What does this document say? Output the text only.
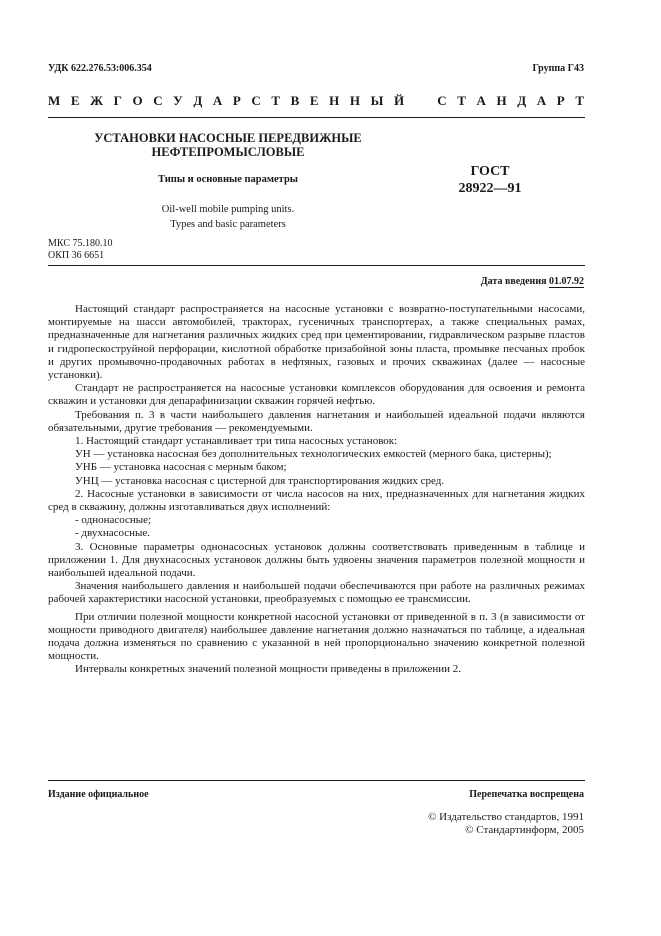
УДК 622.276.53:006.354	Группа Г43
М Е Ж Г О С У Д А Р С Т В Е Н Н Ы Й	С Т А Н Д А Р Т
УСТАНОВКИ НАСОСНЫЕ ПЕРЕДВИЖНЫЕ
НЕФТЕПРОМЫСЛОВЫЕ
Типы и основные параметры
Oil-well mobile pumping units.
Types and basic parameters
ГОСТ
28922—91
МКС 75.180.10
ОКП 36 6651
Дата введения 01.07.92

Настоящий стандарт распространяется на насосные установки с возвратно-поступательными насосами, монтируемые на шасси автомобилей, тракторах, гусеничных транспортерах, а также специальных рамах, предназначенные для нагнетания различных жидких сред при цементировании, гидравлическом разрыве пластов и гидропескоструйной перфорации, кислотной обработке призабойной зоны пласта, промывке песчаных пробок и других промывочно-продавочных работах в нефтяных, газовых и прочих скважинах (далее — насосные установки).

Стандарт не распространяется на насосные установки комплексов оборудования для освоения и ремонта скважин и установки для депарафинизации скважин горячей нефтью.

Требования п. 3 в части наибольшего давления нагнетания и наибольшей идеальной подачи являются обязательными, другие требования — рекомендуемыми.

1. Настоящий стандарт устанавливает три типа насосных установок:

УН — установка насосная без дополнительных технологических емкостей (мерного бака, цистерны);

УНБ — установка насосная с мерным баком;

УНЦ — установка насосная с цистерной для транспортирования жидких сред.

2. Насосные установки в зависимости от числа насосов на них, предназначенных для нагнетания жидких сред в скважину, должны изготавливаться двух исполнений:

- однонасосные;

- двухнасосные.

3. Основные параметры однонасосных установок должны соответствовать приведенным в таблице и приложении 1. Для двухнасосных установок должны быть удвоены значения параметров полезной мощности и наибольшей идеальной подачи.

Значения наибольшего давления и наибольшей подачи обеспечиваются при работе на различных режимах рабочей характеристики насосной установки, преобразуемых с помощью ее трансмиссии.

При отличии полезной мощности конкретной насосной установки от приведенной в п. 3 (в зависимости от мощности приводного двигателя) наибольшее давление нагнетания должно назначаться по таблице, а идеальная подача должна изменяться по сравнению с указанной в ней пропорционально значению конкретной полезной мощности.

Интервалы конкретных значений полезной мощности приведены в приложении 2.

Издание официальное	Перепечатка воспрещена
© Издательство стандартов, 1991
© Стандартинформ, 2005
